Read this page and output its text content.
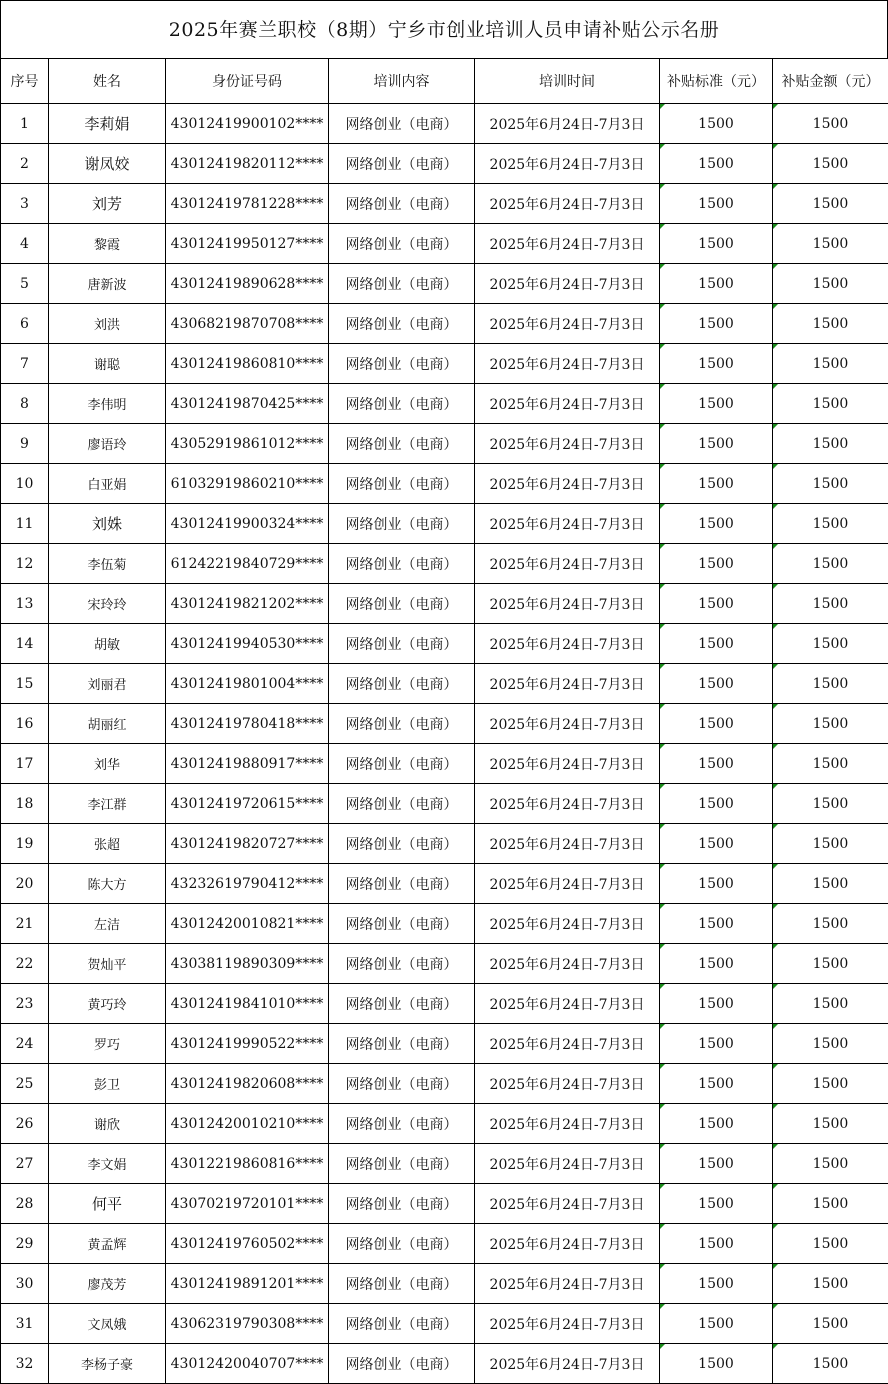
2025年赛兰职校（8期）宁乡市创业培训人员申请补贴公示名册
序号	姓名	身份证号码	培训内容	培训时间	补贴标准（元）	补贴金额（元）
1	李莉娟	43012419900102****	网络创业（电商）	2025年6月24日-7月3日	1500	1500
2	谢凤姣	43012419820112****	网络创业（电商）	2025年6月24日-7月3日	1500	1500
3	刘芳	43012419781228****	网络创业（电商）	2025年6月24日-7月3日	1500	1500
4	黎霞	43012419950127****	网络创业（电商）	2025年6月24日-7月3日	1500	1500
5	唐新波	43012419890628****	网络创业（电商）	2025年6月24日-7月3日	1500	1500
6	刘洪	43068219870708****	网络创业（电商）	2025年6月24日-7月3日	1500	1500
7	谢聪	43012419860810****	网络创业（电商）	2025年6月24日-7月3日	1500	1500
8	李伟明	43012419870425****	网络创业（电商）	2025年6月24日-7月3日	1500	1500
9	廖语玲	43052919861012****	网络创业（电商）	2025年6月24日-7月3日	1500	1500
10	白亚娟	61032919860210****	网络创业（电商）	2025年6月24日-7月3日	1500	1500
11	刘姝	43012419900324****	网络创业（电商）	2025年6月24日-7月3日	1500	1500
12	李伍菊	61242219840729****	网络创业（电商）	2025年6月24日-7月3日	1500	1500
13	宋玲玲	43012419821202****	网络创业（电商）	2025年6月24日-7月3日	1500	1500
14	胡敏	43012419940530****	网络创业（电商）	2025年6月24日-7月3日	1500	1500
15	刘丽君	43012419801004****	网络创业（电商）	2025年6月24日-7月3日	1500	1500
16	胡丽红	43012419780418****	网络创业（电商）	2025年6月24日-7月3日	1500	1500
17	刘华	43012419880917****	网络创业（电商）	2025年6月24日-7月3日	1500	1500
18	李江群	43012419720615****	网络创业（电商）	2025年6月24日-7月3日	1500	1500
19	张超	43012419820727****	网络创业（电商）	2025年6月24日-7月3日	1500	1500
20	陈大方	43232619790412****	网络创业（电商）	2025年6月24日-7月3日	1500	1500
21	左洁	43012420010821****	网络创业（电商）	2025年6月24日-7月3日	1500	1500
22	贺灿平	43038119890309****	网络创业（电商）	2025年6月24日-7月3日	1500	1500
23	黄巧玲	43012419841010****	网络创业（电商）	2025年6月24日-7月3日	1500	1500
24	罗巧	43012419990522****	网络创业（电商）	2025年6月24日-7月3日	1500	1500
25	彭卫	43012419820608****	网络创业（电商）	2025年6月24日-7月3日	1500	1500
26	谢欣	43012420010210****	网络创业（电商）	2025年6月24日-7月3日	1500	1500
27	李文娟	43012219860816****	网络创业（电商）	2025年6月24日-7月3日	1500	1500
28	何平	43070219720101****	网络创业（电商）	2025年6月24日-7月3日	1500	1500
29	黄孟辉	43012419760502****	网络创业（电商）	2025年6月24日-7月3日	1500	1500
30	廖茂芳	43012419891201****	网络创业（电商）	2025年6月24日-7月3日	1500	1500
31	文凤娥	43062319790308****	网络创业（电商）	2025年6月24日-7月3日	1500	1500
32	李杨子豪	43012420040707****	网络创业（电商）	2025年6月24日-7月3日	1500	1500
